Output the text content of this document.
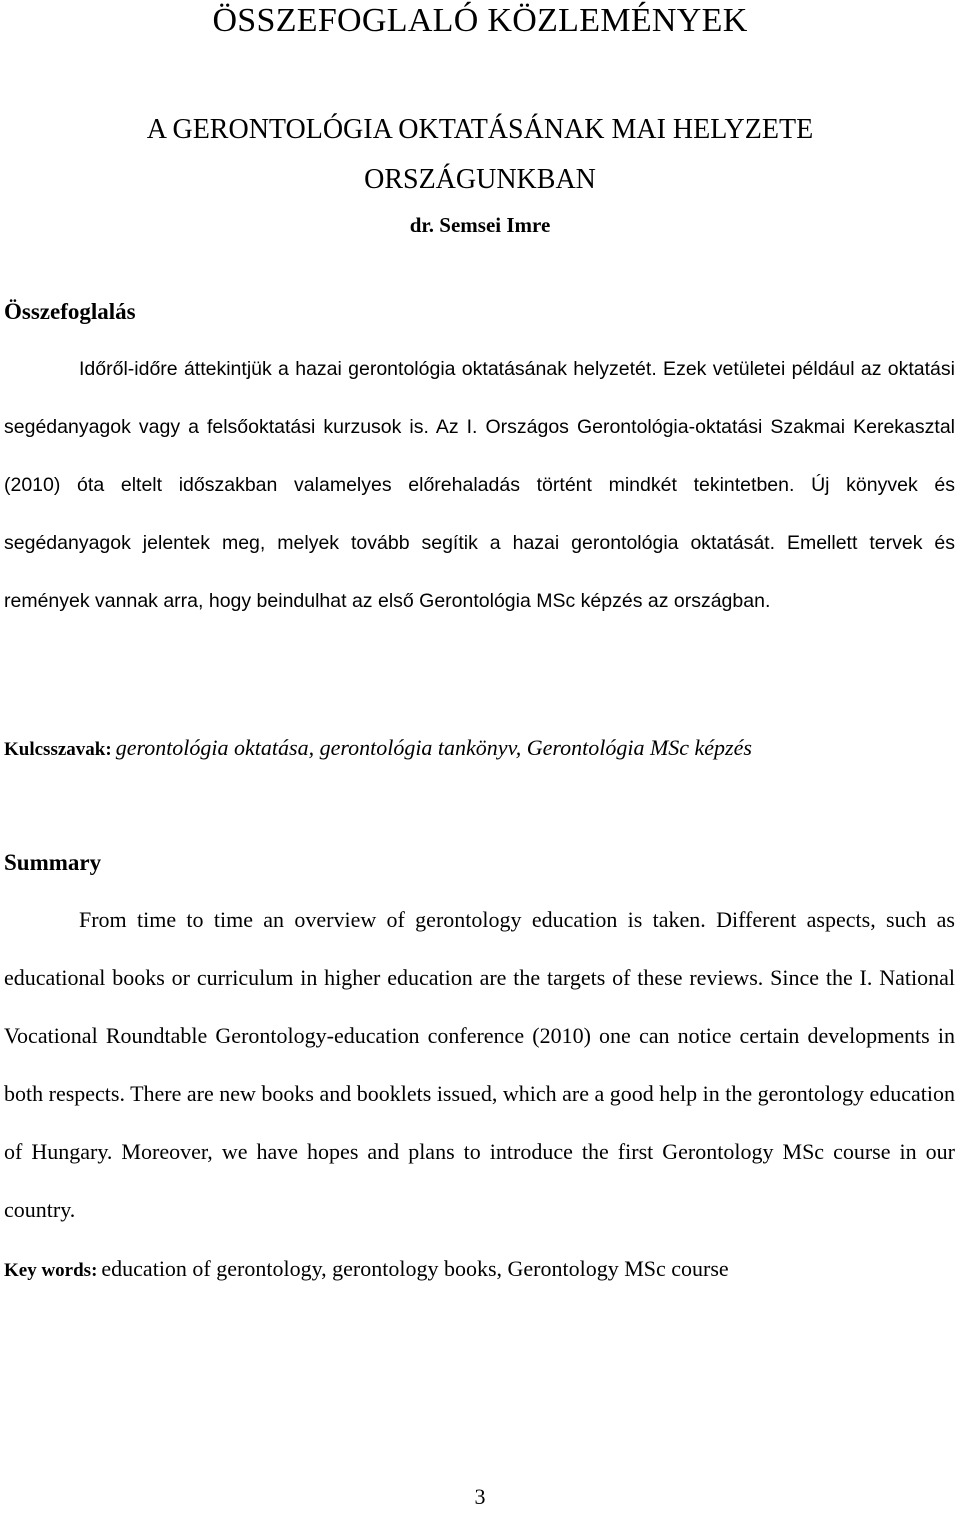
ÖSSZEFOGLALÓ KÖZLEMÉNYEK
A GERONTOLÓGIA OKTATÁSÁNAK MAI HELYZETE
ORSZÁGUNKBAN

dr. Semsei Imre

Összefoglalás

Időről-időre áttekintjük a hazai gerontológia oktatásának helyzetét. Ezek vetületei például az oktatási segédanyagok vagy a felsőoktatási kurzusok is. Az I. Országos Gerontológia-oktatási Szakmai Kerekasztal (2010) óta eltelt időszakban valamelyes előrehaladás történt mindkét tekintetben. Új könyvek és segédanyagok jelentek meg, melyek tovább segítik a hazai gerontológia oktatását. Emellett tervek és remények vannak arra, hogy beindulhat az első Gerontológia MSc képzés az országban.

Kulcsszavak: gerontológia oktatása, gerontológia tankönyv, Gerontológia MSc képzés

Summary

From time to time an overview of gerontology education is taken. Different aspects, such as educational books or curriculum in higher education are the targets of these reviews. Since the I. National Vocational Roundtable Gerontology-education conference (2010) one can notice certain developments in both respects. There are new books and booklets issued, which are a good help in the gerontology education of Hungary. Moreover, we have hopes and plans to introduce the first Gerontology MSc course in our country.

Key words: education of gerontology, gerontology books, Gerontology MSc course

3
